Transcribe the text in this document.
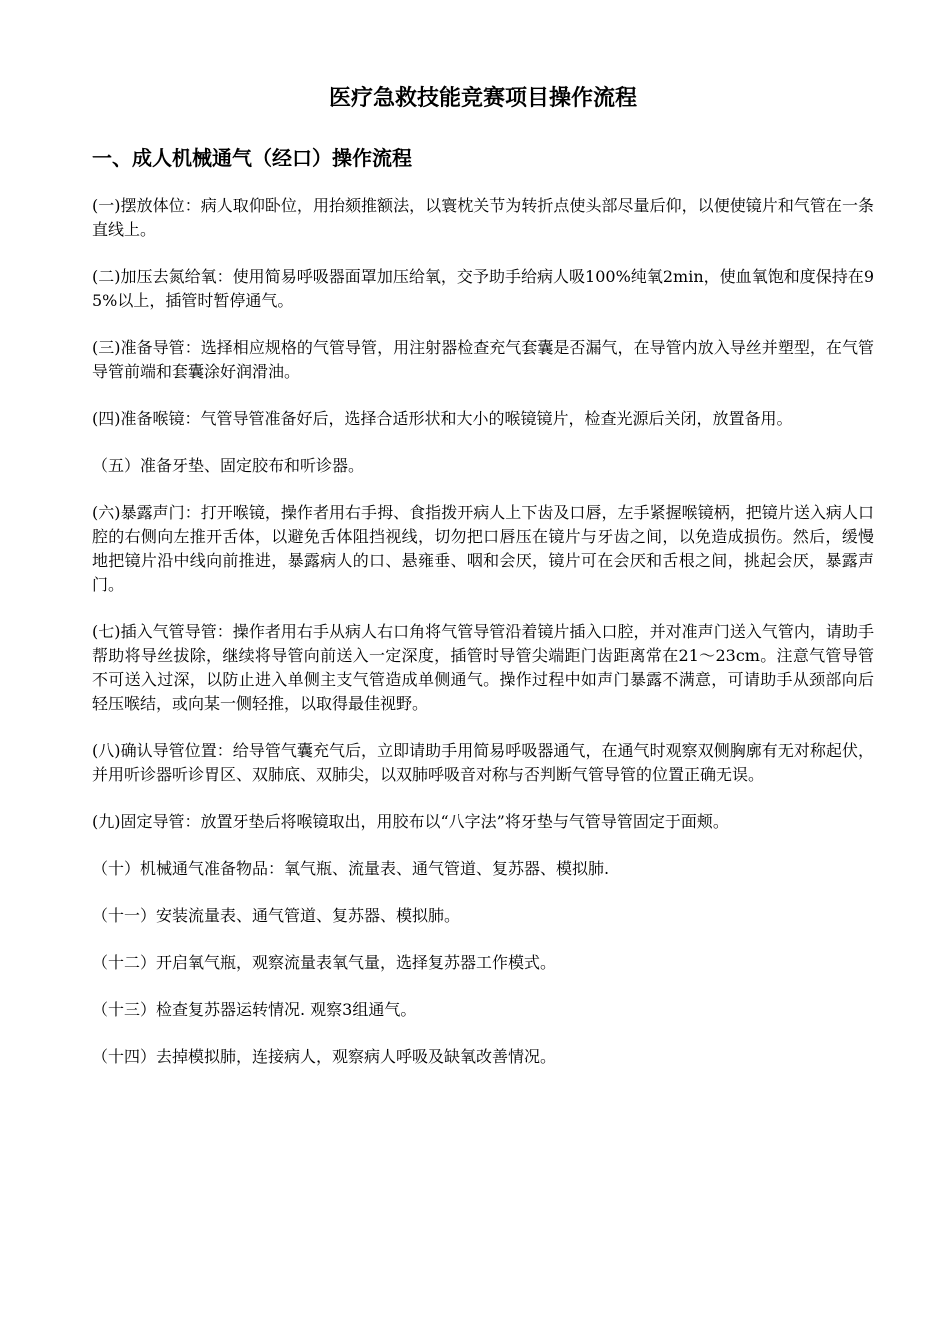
医疗急救技能竞赛项目操作流程
一、成人机械通气（经口）操作流程
(一)摆放体位：病人取仰卧位，用抬颏推额法，以寰枕关节为转折点使头部尽量后仰，以便使镜片和气管在一条直线上。
(二)加压去氮给氧：使用简易呼吸器面罩加压给氧，交予助手给病人吸100%纯氧2min，使血氧饱和度保持在95%以上，插管时暂停通气。
(三)准备导管：选择相应规格的气管导管，用注射器检查充气套囊是否漏气，在导管内放入导丝并塑型，在气管导管前端和套囊涂好润滑油。
(四)准备喉镜：气管导管准备好后，选择合适形状和大小的喉镜镜片，检查光源后关闭，放置备用。
（五）准备牙垫、固定胶布和听诊器。
(六)暴露声门：打开喉镜，操作者用右手拇、食指拨开病人上下齿及口唇，左手紧握喉镜柄，把镜片送入病人口腔的右侧向左推开舌体，以避免舌体阻挡视线，切勿把口唇压在镜片与牙齿之间，以免造成损伤。然后，缓慢地把镜片沿中线向前推进，暴露病人的口、悬雍垂、咽和会厌，镜片可在会厌和舌根之间，挑起会厌，暴露声门。
(七)插入气管导管：操作者用右手从病人右口角将气管导管沿着镜片插入口腔，并对准声门送入气管内，请助手帮助将导丝拔除，继续将导管向前送入一定深度，插管时导管尖端距门齿距离常在21～23cm。注意气管导管不可送入过深，以防止进入单侧主支气管造成单侧通气。操作过程中如声门暴露不满意，可请助手从颈部向后轻压喉结，或向某一侧轻推，以取得最佳视野。
(八)确认导管位置：给导管气囊充气后，立即请助手用简易呼吸器通气，在通气时观察双侧胸廓有无对称起伏，并用听诊器听诊胃区、双肺底、双肺尖，以双肺呼吸音对称与否判断气管导管的位置正确无误。
(九)固定导管：放置牙垫后将喉镜取出，用胶布以“八字法”将牙垫与气管导管固定于面颊。
（十）机械通气准备物品：氧气瓶、流量表、通气管道、复苏器、模拟肺.
（十一）安装流量表、通气管道、复苏器、模拟肺。
（十二）开启氧气瓶，观察流量表氧气量，选择复苏器工作模式。
（十三）检查复苏器运转情况. 观察3组通气。
（十四）去掉模拟肺，连接病人，观察病人呼吸及缺氧改善情况。
